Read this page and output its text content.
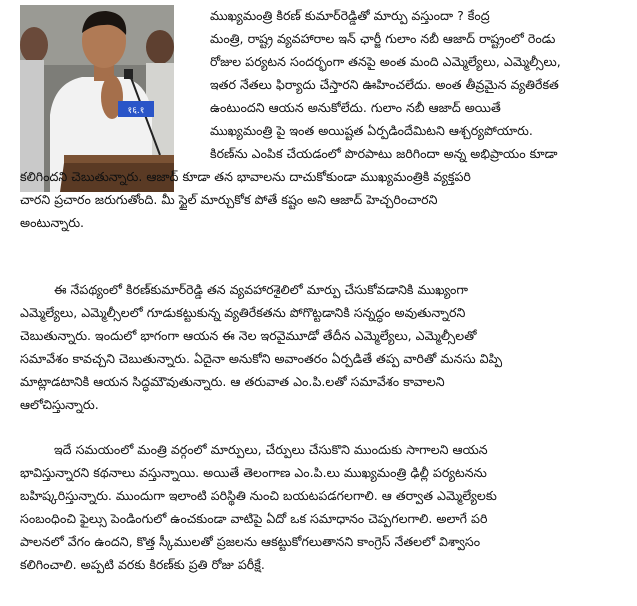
१६.१

ముఖ్యమంత్రి కిరణ్ కుమార్‌రెడ్డితో మార్పు వస్తుందా ? కేంద్ర
మంత్రి, రాష్ట్ర వ్యవహారాల ఇన్ ఛార్జీ గులాం నబీ ఆజాద్ రాష్ట్రంలో రెండు
రోజుల పర్యటన సందర్భంగా తనపై అంత మంది ఎమ్మెల్యేలు, ఎమ్మెల్సీలు,
ఇతర నేతలు ఫిర్యాదు చేస్తారని ఊహించలేదు. అంత తీవ్రమైన వ్యతిరేకత
ఉంటుందని ఆయన అనుకోలేదు. గులాం నబీ ఆజాద్ అయితే
ముఖ్యమంత్రి పై ఇంత అయిష్టత ఏర్పడిందేమిటని ఆశ్చర్యపోయారు.
కిరణ్‌ను ఎంపిక చేయడంలో పొరపాటు జరిగిందా అన్న అభిప్రాయం కూడా
కలిగిందని చెబుతున్నారు. ఆజాద్ కూడా తన భావాలను దాచుకోకుండా ముఖ్యమంత్రికి వ్యక్తపరి
చారని ప్రచారం జరుగుతోంది. మీ స్టైల్ మార్చుకోక పోతే కష్టం అని ఆజాద్ హెచ్చరించారని
అంటున్నారు.

ఈ నేపథ్యంలో కిరణ్‌కుమార్‌రెడ్డి తన వ్యవహారశైలిలో మార్పు చేసుకోవడానికి ముఖ్యంగా
ఎమ్మెల్యేలు, ఎమ్మెల్సీలలో గూడుకట్టుకున్న వ్యతిరేకతను పోగొట్టడానికి సన్నద్ధం అవుతున్నారని
చెబుతున్నారు. ఇందులో భాగంగా ఆయన ఈ నెల ఇరవైమూడో తేదీన ఎమ్మెల్యేలు, ఎమ్మెల్సీలతో
సమావేశం కావచ్చని చెబుతున్నారు. ఏదైనా అనుకోని అవాంతరం ఏర్పడితే తప్ప వారితో మనసు విప్పి
మాట్లాడటానికి ఆయన సిద్ధమౌవుతున్నారు. ఆ తరువాత ఎం.పి.లతో సమావేశం కావాలని
ఆలోచిస్తున్నారు.

ఇదే సమయంలో మంత్రి వర్గంలో మార్పులు, చేర్పులు చేసుకొని ముందుకు సాగాలని ఆయన
భావిస్తున్నారని కథనాలు వస్తున్నాయి. అయితే తెలంగాణ ఎం.పి.లు ముఖ్యమంత్రి ఢిల్లీ పర్యటనను
బహిష్కరిస్తున్నారు. ముందుగా ఇలాంటి పరిస్థితి నుంచి బయటపడగలగాలి. ఆ తర్వాత ఎమ్మెల్యేలకు
సంబంధించి ఫైల్సు పెండింగులో ఉంచకుండా వాటిపై ఏదో ఒక సమాధానం చెప్పగలగాలి. అలాగే పరి
పాలనలో వేగం ఉందని, కొత్త స్కీములతో ప్రజలను ఆకట్టుకోగలుతానని కాంగ్రెస్ నేతలలో విశ్వాసం
కలిగించాలి. అప్పటి వరకు కిరణ్‌కు ప్రతి రోజు పరీక్షే.
